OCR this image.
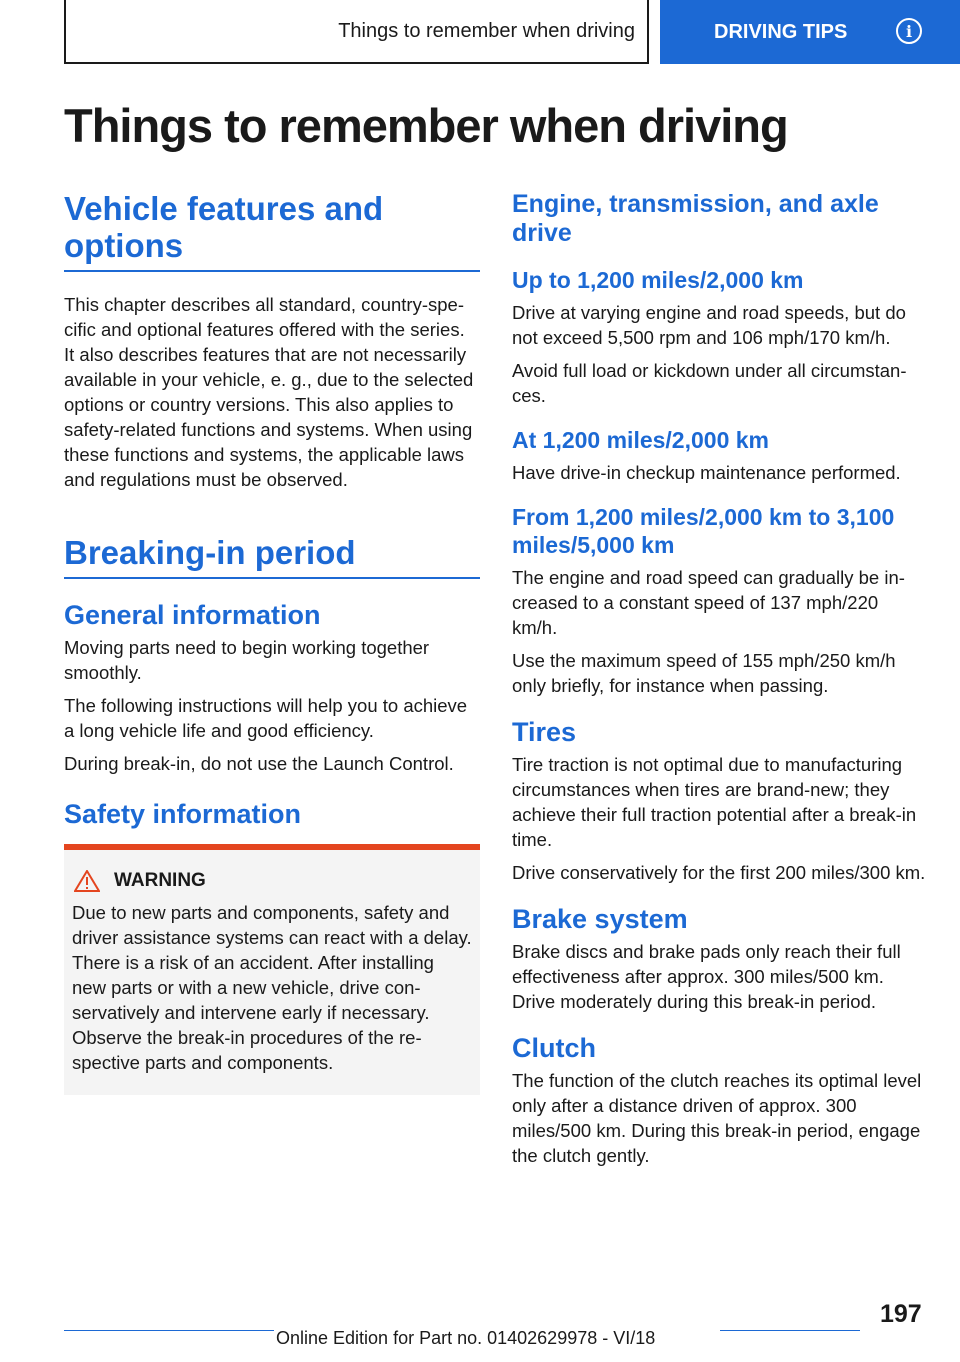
Things to remember when driving	DRIVING TIPS	i
Things to remember when driving
Vehicle features and options

This chapter describes all standard, country-specific and optional features offered with the series. It also describes features that are not necessarily available in your vehicle, e. g., due to the selected options or country versions. This also applies to safety-related functions and systems. When using these functions and systems, the applicable laws and regulations must be observed.

Breaking-in period
General information

Moving parts need to begin working together smoothly.

The following instructions will help you to achieve a long vehicle life and good efficiency.

During break-in, do not use the Launch Control.

Safety information
WARNING

Due to new parts and components, safety and driver assistance systems can react with a delay. There is a risk of an accident. After installing new parts or with a new vehicle, drive conservatively and intervene early if necessary. Observe the break-in procedures of the respective parts and components.

Engine, transmission, and axle drive
Up to 1,200 miles/2,000 km

Drive at varying engine and road speeds, but do not exceed 5,500 rpm and 106 mph/170 km/h.

Avoid full load or kickdown under all circumstances.

At 1,200 miles/2,000 km

Have drive-in checkup maintenance performed.

From 1,200 miles/2,000 km to 3,100 miles/5,000 km

The engine and road speed can gradually be increased to a constant speed of 137 mph/220 km/h.

Use the maximum speed of 155 mph/250 km/h only briefly, for instance when passing.

Tires

Tire traction is not optimal due to manufacturing circumstances when tires are brand-new; they achieve their full traction potential after a break-in time.

Drive conservatively for the first 200 miles/300 km.

Brake system

Brake discs and brake pads only reach their full effectiveness after approx. 300 miles/500 km. Drive moderately during this break-in period.

Clutch

The function of the clutch reaches its optimal level only after a distance driven of approx. 300 miles/500 km. During this break-in period, engage the clutch gently.

197
Online Edition for Part no. 01402629978 - VI/18
